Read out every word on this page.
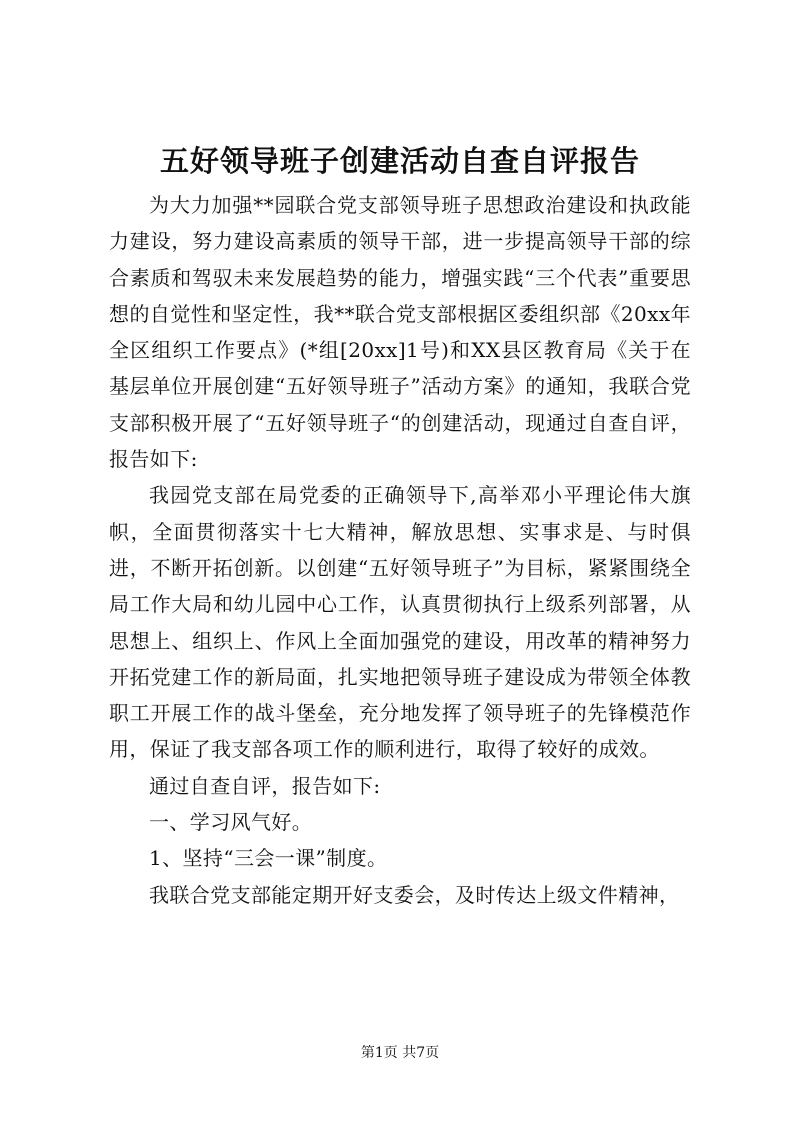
五好领导班子创建活动自查自评报告

为大力加强**园联合党支部领导班子思想政治建设和执政能力建设，努力建设高素质的领导干部，进一步提高领导干部的综合素质和驾驭未来发展趋势的能力，增强实践“三个代表”重要思想的自觉性和坚定性，我**联合党支部根据区委组织部《20xx年全区组织工作要点》(*组[20xx]1号)和XX县区教育局《关于在基层单位开展创建“五好领导班子”活动方案》的通知，我联合党支部积极开展了“五好领导班子“的创建活动，现通过自查自评，报告如下:

我园党支部在局党委的正确领导下,高举邓小平理论伟大旗帜，全面贯彻落实十七大精神，解放思想、实事求是、与时俱进，不断开拓创新。以创建“五好领导班子”为目标，紧紧围绕全局工作大局和幼儿园中心工作，认真贯彻执行上级系列部署，从思想上、组织上、作风上全面加强党的建设，用改革的精神努力开拓党建工作的新局面，扎实地把领导班子建设成为带领全体教职工开展工作的战斗堡垒，充分地发挥了领导班子的先锋模范作用，保证了我支部各项工作的顺利进行，取得了较好的成效。

通过自查自评，报告如下:

一、学习风气好。

1、坚持“三会一课”制度。

我联合党支部能定期开好支委会，及时传达上级文件精神，

第1页 共7页
